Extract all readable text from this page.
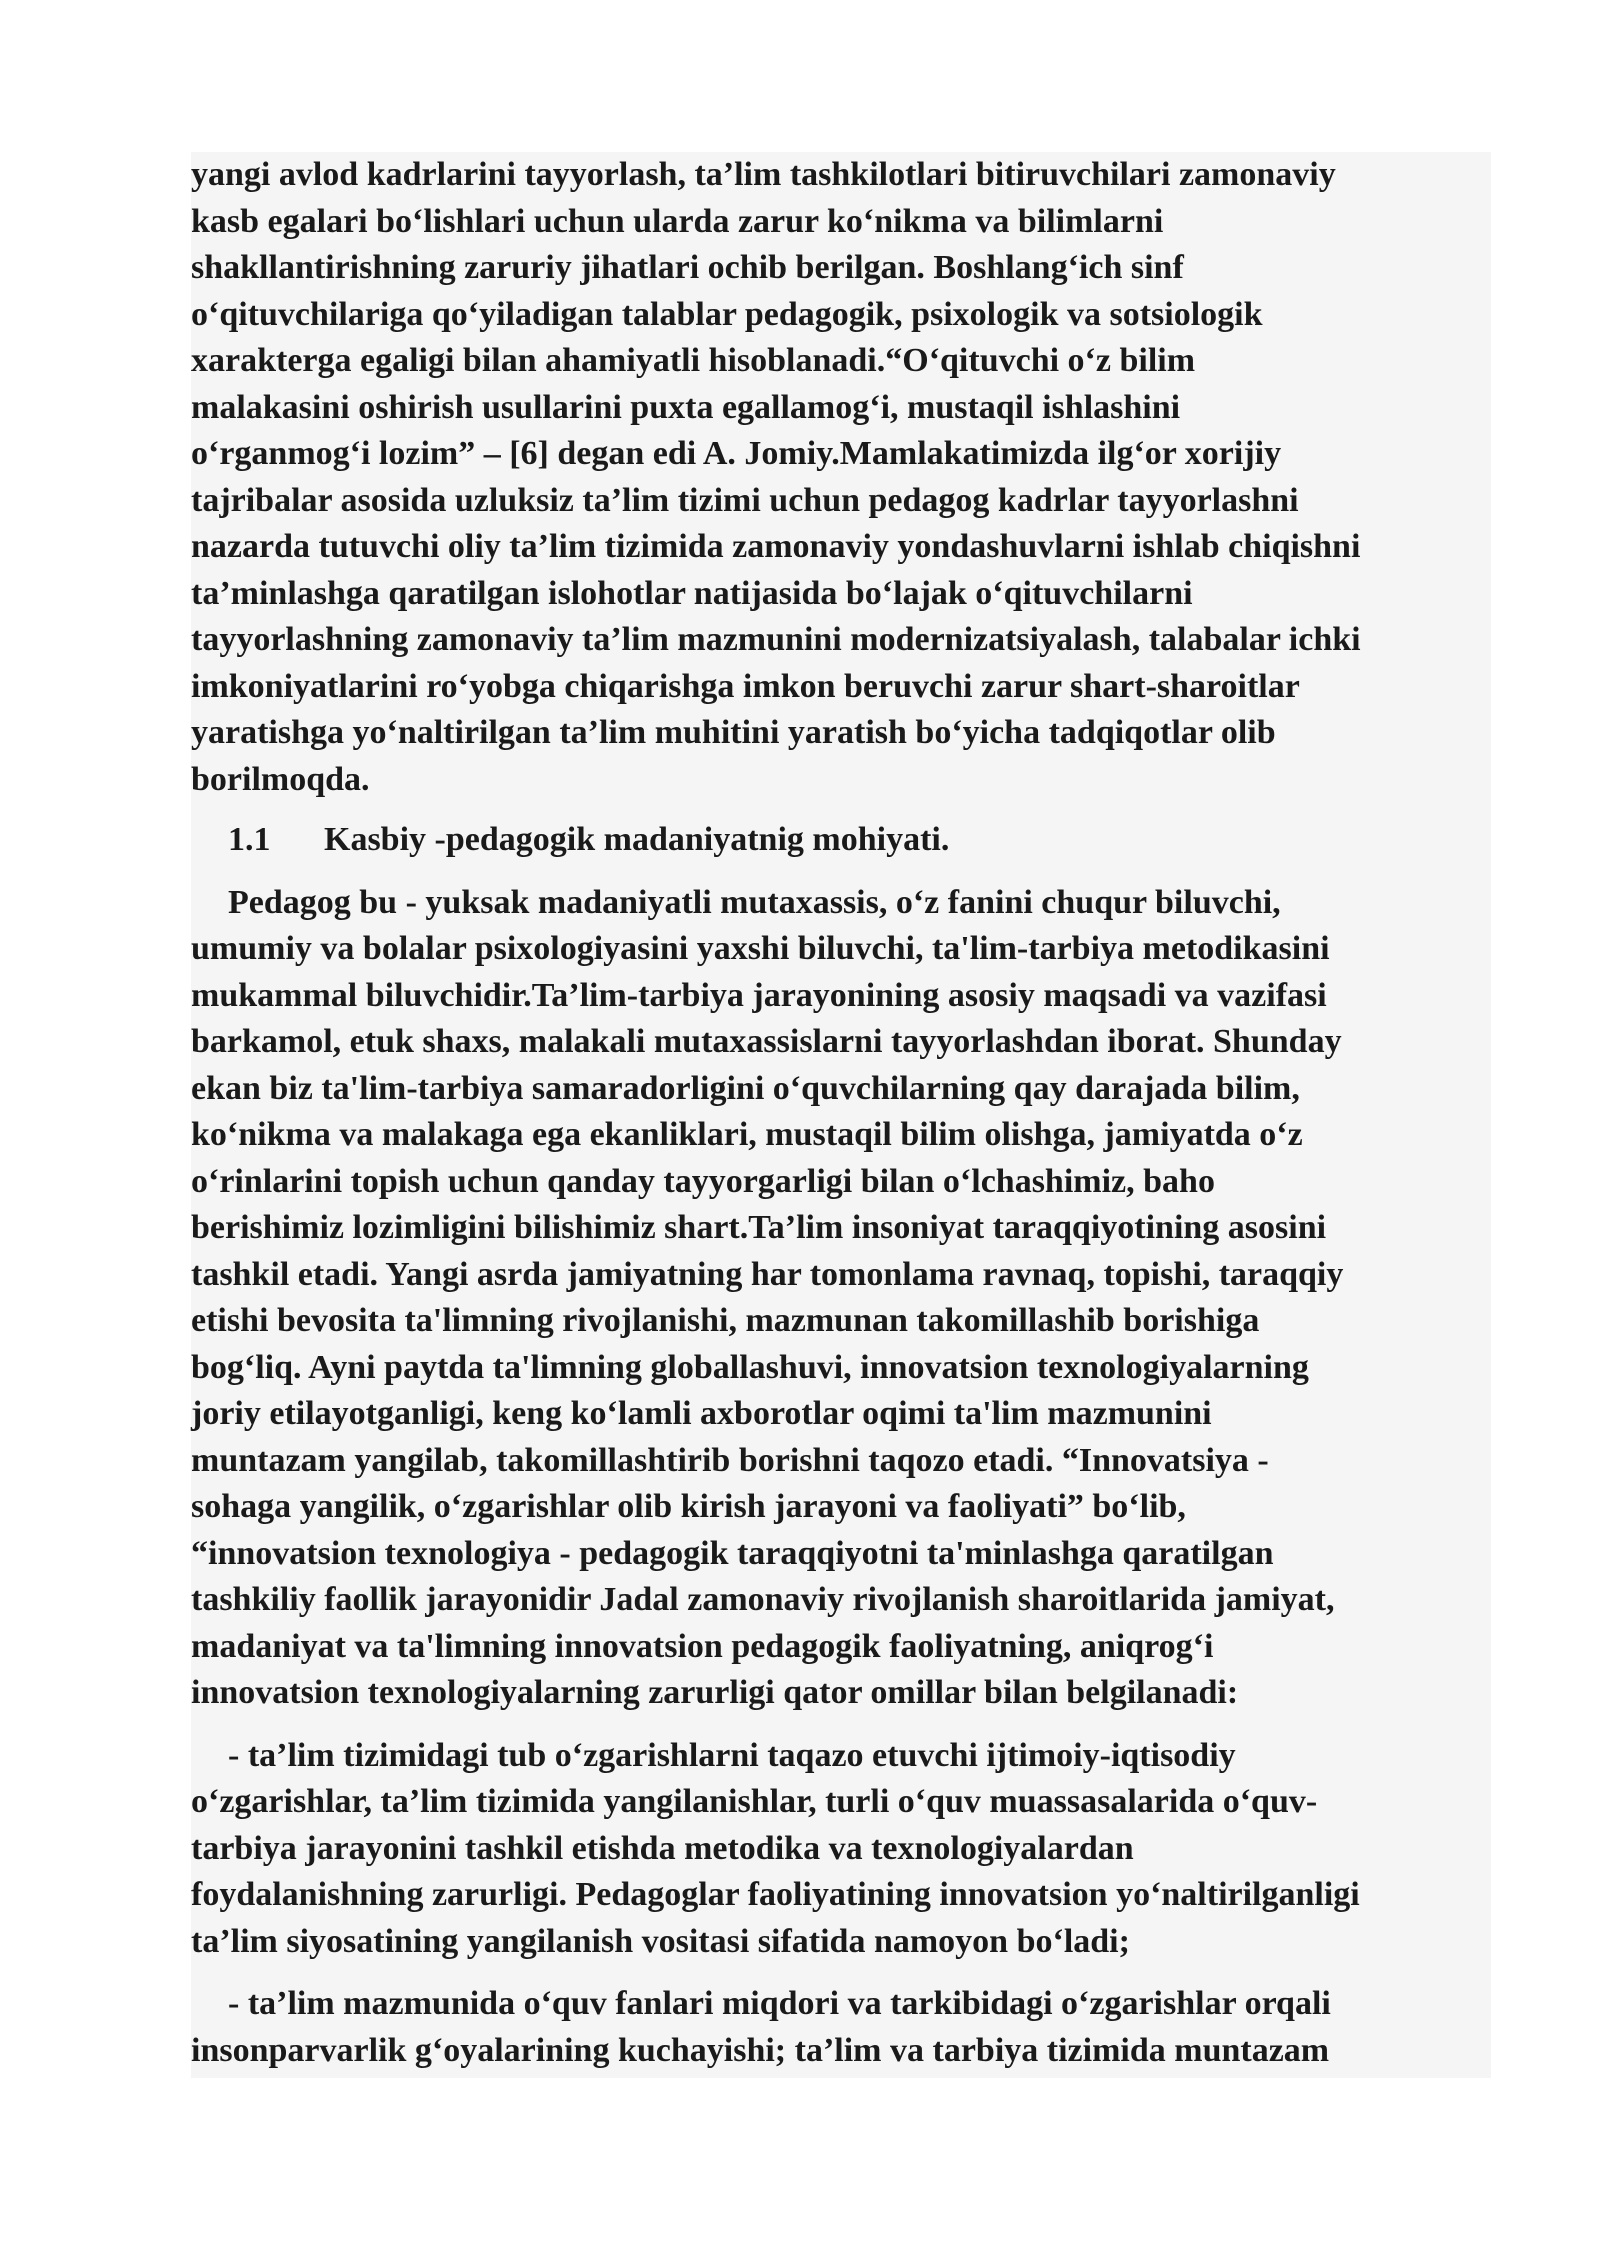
yangi avlod kadrlarini tayyorlash, ta’lim tashkilotlari bitiruvchilari zamonaviy
kasb egalari bo‘lishlari uchun ularda zarur ko‘nikma va bilimlarni
shakllantirishning zaruriy jihatlari ochib berilgan. Boshlang‘ich sinf
o‘qituvchilariga qo‘yiladigan talablar pedagogik, psixologik va sotsiologik
xarakterga egaligi bilan ahamiyatli hisoblanadi.“O‘qituvchi o‘z bilim
malakasini oshirish usullarini puxta egallamog‘i, mustaqil ishlashini
o‘rganmog‘i lozim” – [6] degan edi A. Jomiy.Mamlakatimizda ilg‘or xorijiy
tajribalar asosida uzluksiz ta’lim tizimi uchun pedagog kadrlar tayyorlashni
nazarda tutuvchi oliy ta’lim tizimida zamonaviy yondashuvlarni ishlab chiqishni
ta’minlashga qaratilgan islohotlar natijasida bo‘lajak o‘qituvchilarni
tayyorlashning zamonaviy ta’lim mazmunini modernizatsiyalash, talabalar ichki
imkoniyatlarini ro‘yobga chiqarishga imkon beruvchi zarur shart-sharoitlar
yaratishga yo‘naltirilgan ta’lim muhitini yaratish bo‘yicha tadqiqotlar olib
borilmoqda.
1.1	Kasbiy -pedagogik madaniyatnig mohiyati.
Pedagog bu - yuksak madaniyatli mutaxassis, o‘z fanini chuqur biluvchi,
umumiy va bolalar psixologiyasini yaxshi biluvchi, ta'lim-tarbiya metodikasini
mukammal biluvchidir.Ta’lim-tarbiya jarayonining asosiy maqsadi va vazifasi
barkamol, etuk shaxs, malakali mutaxassislarni tayyorlashdan iborat. Shunday
ekan biz ta'lim-tarbiya samaradorligini o‘quvchilarning qay darajada bilim,
ko‘nikma va malakaga ega ekanliklari, mustaqil bilim olishga, jamiyatda o‘z
o‘rinlarini topish uchun qanday tayyorgarligi bilan o‘lchashimiz, baho
berishimiz lozimligini bilishimiz shart.Ta’lim insoniyat taraqqiyotining asosini
tashkil etadi. Yangi asrda jamiyatning har tomonlama ravnaq, topishi, taraqqiy
etishi bevosita ta'limning rivojlanishi, mazmunan takomillashib borishiga
bog‘liq. Ayni paytda ta'limning globallashuvi, innovatsion texnologiyalarning
joriy etilayotganligi, keng ko‘lamli axborotlar oqimi ta'lim mazmunini
muntazam yangilab, takomillashtirib borishni taqozo etadi. “Innovatsiya -
sohaga yangilik, o‘zgarishlar olib kirish jarayoni va faoliyati” bo‘lib,
“innovatsion texnologiya - pedagogik taraqqiyotni ta'minlashga qaratilgan
tashkiliy faollik jarayonidir Jadal zamonaviy rivojlanish sharoitlarida jamiyat,
madaniyat va ta'limning innovatsion pedagogik faoliyatning, aniqrog‘i
innovatsion texnologiyalarning zarurligi qator omillar bilan belgilanadi:
- ta’lim tizimidagi tub o‘zgarishlarni taqazo etuvchi ijtimoiy-iqtisodiy
o‘zgarishlar, ta’lim tizimida yangilanishlar, turli o‘quv muassasalarida o‘quv-
tarbiya jarayonini tashkil etishda metodika va texnologiyalardan
foydalanishning zarurligi. Pedagoglar faoliyatining innovatsion yo‘naltirilganligi
ta’lim siyosatining yangilanish vositasi sifatida namoyon bo‘ladi;
- ta’lim mazmunida o‘quv fanlari miqdori va tarkibidagi o‘zgarishlar orqali
insonparvarlik g‘oyalarining kuchayishi; ta’lim va tarbiya tizimida muntazam
